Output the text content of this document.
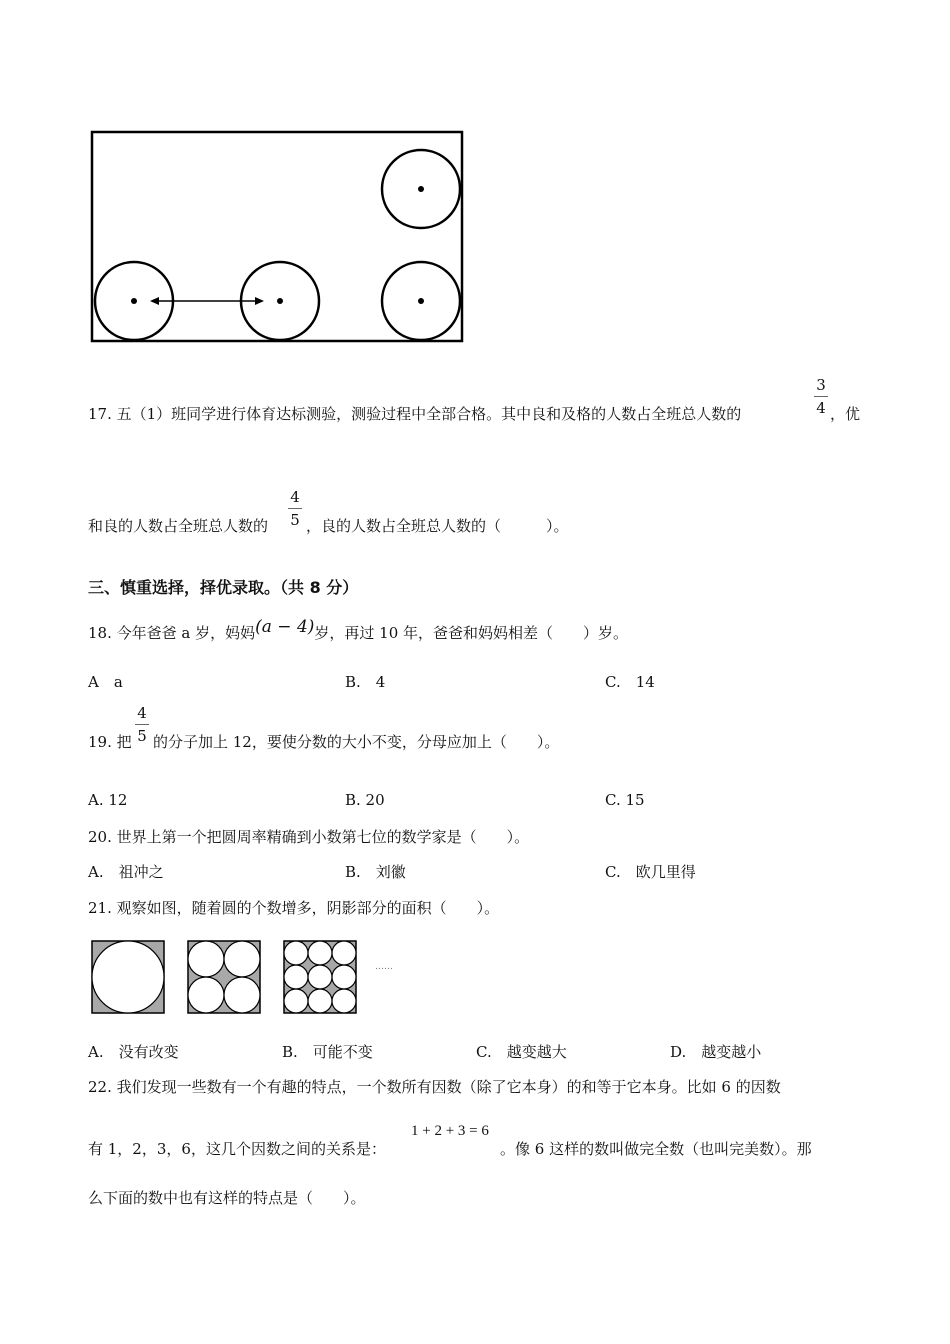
17. 五（1）班同学进行体育达标测验，测验过程中全部合格。其中良和及格的人数占全班总人数的
3
4 ，优
和良的人数占全班总人数的
4
5 ，良的人数占全班总人数的（　　　）。
三、慎重选择，择优录取。（共 8 分）
18. 今年爸爸 a 岁，妈妈(a − 4)岁，再过 10 年，爸爸和妈妈相差（　　）岁。
A　a	B.　4	C.　14
19. 把
4
5 的分子加上 12，要使分数的大小不变，分母应加上（　　）。
A. 12	B. 20	C. 15
20. 世界上第一个把圆周率精确到小数第七位的数学家是（　　）。
A.　祖冲之	B.　刘徽	C.　欧几里得
21. 观察如图，随着圆的个数增多，阴影部分的面积（　　）。
……
A.　没有改变	B.　可能不变	C.　越变越大	D.　越变越小
22. 我们发现一些数有一个有趣的特点，一个数所有因数（除了它本身）的和等于它本身。比如 6 的因数
有 1，2，3，6，这几个因数之间的关系是：
1 + 2 + 3 = 6
。像 6 这样的数叫做完全数（也叫完美数）。那
么下面的数中也有这样的特点是（　　）。
